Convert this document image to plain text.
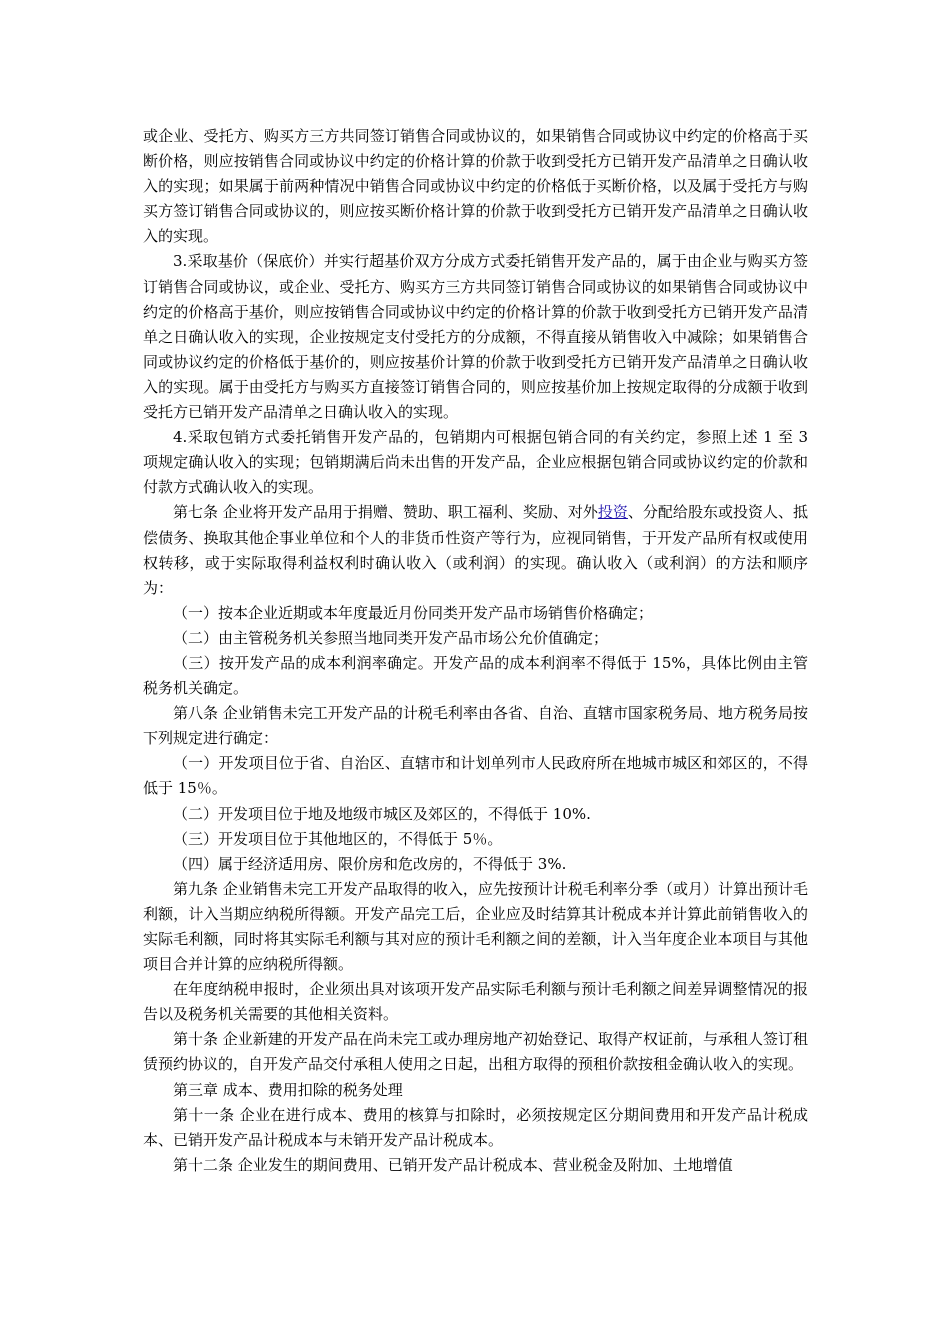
或企业、受托方、购买方三方共同签订销售合同或协议的，如果销售合同或协议中约定的价格高于买断价格，则应按销售合同或协议中约定的价格计算的价款于收到受托方已销开发产品清单之日确认收入的实现；如果属于前两种情况中销售合同或协议中约定的价格低于买断价格，以及属于受托方与购买方签订销售合同或协议的，则应按买断价格计算的价款于收到受托方已销开发产品清单之日确认收入的实现。

3.采取基价（保底价）并实行超基价双方分成方式委托销售开发产品的，属于由企业与购买方签订销售合同或协议，或企业、受托方、购买方三方共同签订销售合同或协议的如果销售合同或协议中约定的价格高于基价，则应按销售合同或协议中约定的价格计算的价款于收到受托方已销开发产品清单之日确认收入的实现，企业按规定支付受托方的分成额，不得直接从销售收入中减除；如果销售合同或协议约定的价格低于基价的，则应按基价计算的价款于收到受托方已销开发产品清单之日确认收入的实现。属于由受托方与购买方直接签订销售合同的，则应按基价加上按规定取得的分成额于收到受托方已销开发产品清单之日确认收入的实现。

4.采取包销方式委托销售开发产品的，包销期内可根据包销合同的有关约定，参照上述 1 至 3 项规定确认收入的实现；包销期满后尚未出售的开发产品，企业应根据包销合同或协议约定的价款和付款方式确认收入的实现。

第七条 企业将开发产品用于捐赠、赞助、职工福利、奖励、对外投资、分配给股东或投资人、抵偿债务、换取其他企事业单位和个人的非货币性资产等行为，应视同销售，于开发产品所有权或使用权转移，或于实际取得利益权利时确认收入（或利润）的实现。确认收入（或利润）的方法和顺序为：

（一）按本企业近期或本年度最近月份同类开发产品市场销售价格确定；

（二）由主管税务机关参照当地同类开发产品市场公允价值确定；

（三）按开发产品的成本利润率确定。开发产品的成本利润率不得低于 15%，具体比例由主管税务机关确定。

第八条 企业销售未完工开发产品的计税毛利率由各省、自治、直辖市国家税务局、地方税务局按下列规定进行确定：

（一）开发项目位于省、自治区、直辖市和计划单列市人民政府所在地城市城区和郊区的，不得低于 15％。

（二）开发项目位于地及地级市城区及郊区的，不得低于 10%.

（三）开发项目位于其他地区的，不得低于 5％。

（四）属于经济适用房、限价房和危改房的，不得低于 3%.

第九条 企业销售未完工开发产品取得的收入，应先按预计计税毛利率分季（或月）计算出预计毛利额，计入当期应纳税所得额。开发产品完工后，企业应及时结算其计税成本并计算此前销售收入的实际毛利额，同时将其实际毛利额与其对应的预计毛利额之间的差额，计入当年度企业本项目与其他项目合并计算的应纳税所得额。

在年度纳税申报时，企业须出具对该项开发产品实际毛利额与预计毛利额之间差异调整情况的报告以及税务机关需要的其他相关资料。

第十条 企业新建的开发产品在尚未完工或办理房地产初始登记、取得产权证前，与承租人签订租赁预约协议的，自开发产品交付承租人使用之日起，出租方取得的预租价款按租金确认收入的实现。

第三章 成本、费用扣除的税务处理

第十一条 企业在进行成本、费用的核算与扣除时，必须按规定区分期间费用和开发产品计税成本、已销开发产品计税成本与未销开发产品计税成本。

第十二条 企业发生的期间费用、已销开发产品计税成本、营业税金及附加、土地增值
